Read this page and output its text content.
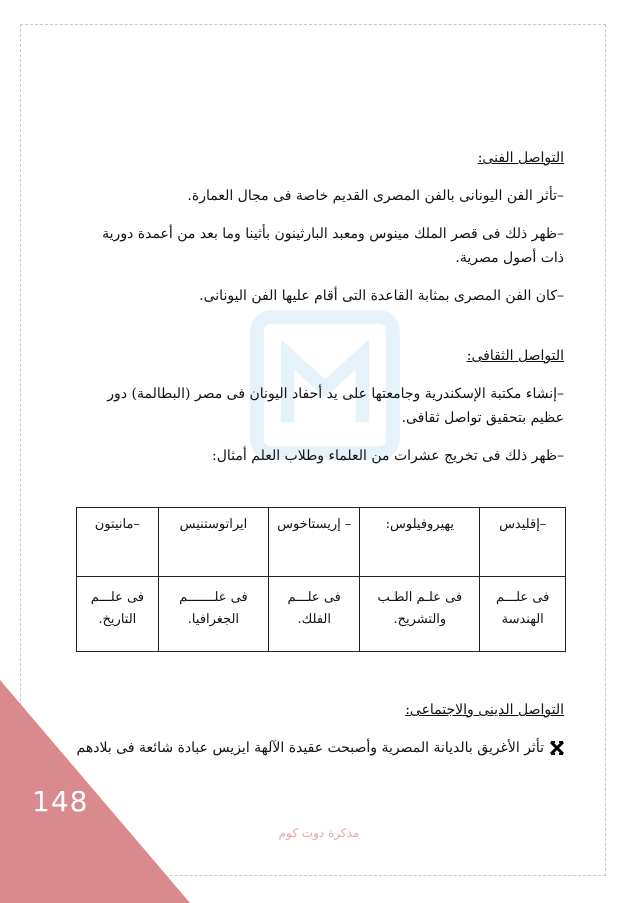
التواصل الفنى:

–تأثر الفن اليونانى بالفن المصرى القديم خاصة فى مجال العمارة.

–ظهر ذلك فى قصر الملك مينوس ومعبد البارثينون بأثينا وما بعد من أعمدة دورية ذات أصول مصرية.

–كان الفن المصرى بمثابة القاعدة التى أقام عليها الفن اليونانى.

التواصل الثقافى:

–إنشاء مكتبة الإسكندرية وجامعتها على يد أحفاد اليونان فى مصر (البطالمة) دور عظيم بتحقيق تواصل ثقافى.

–ظهر ذلك فى تخريج عشرات من العلماء وطلاب العلم أمثال:

–إقليدس	يهيروفيلوس:	– إريستاخوس	ايراتوستنيس	–مانيتون
فى علـــم الهندسة	فى علـم الطـب والتشريح.	فى علـــم الفلك.	فى علـــــــم الجغرافيا.	فى علـــم التاريخ.

التواصل الدينى والاجتماعى:

تأثر الأغريق بالديانة المصرية وأصبحت عقيدة الآلهة ايزيس عبادة شائعة فى بلادهم

148
مذكرة دوت كوم
